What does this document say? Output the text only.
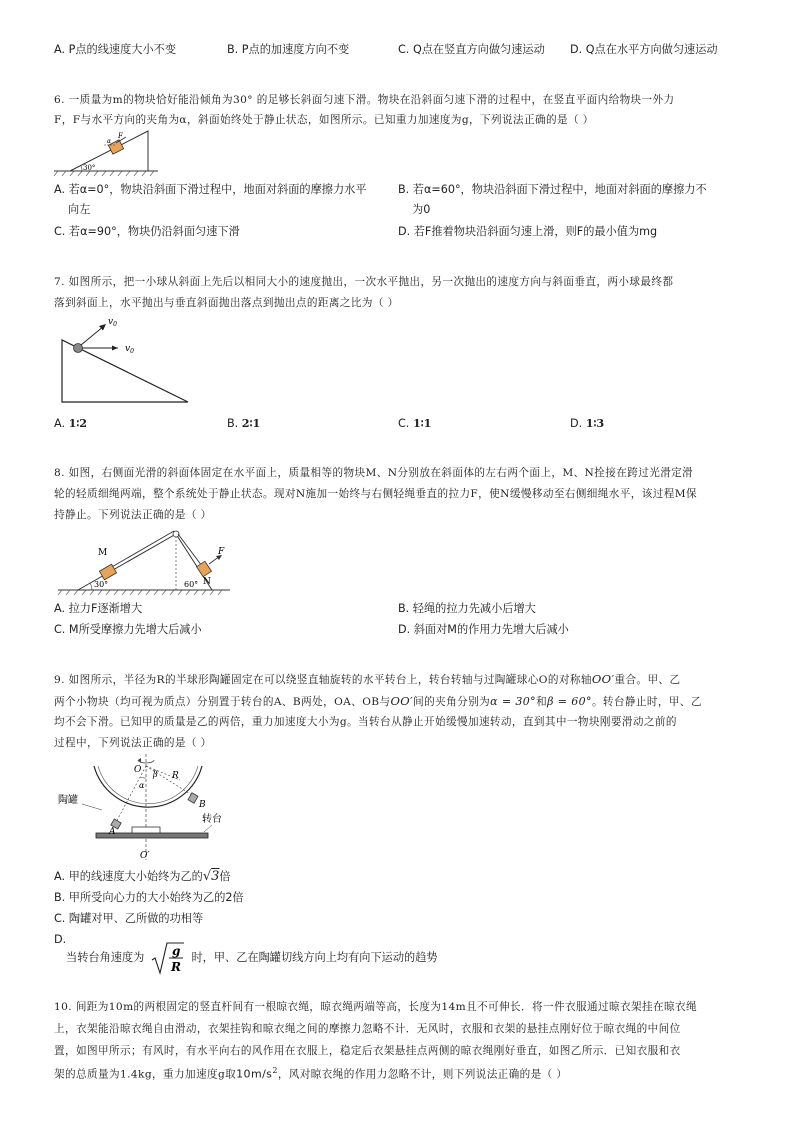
A. P点的线速度大小不变	B. P点的加速度方向不变	C. Q点在竖直方向做匀速运动 D. Q点在水平方向做匀速运动
6. 一质量为m的物块恰好能沿倾角为30° 的足够长斜面匀速下滑。物块在沿斜面匀速下滑的过程中，在竖直平面内给物块一外力
F，F与水平方向的夹角为α，斜面始终处于静止状态，如图所示。已知重力加速度为g，下列说法正确的是（ ）
α
F
30°
A. 若α=0°，物块沿斜面下滑过程中，地面对斜面的摩擦力水平
向左
B. 若α=60°，物块沿斜面下滑过程中，地面对斜面的摩擦力不
为0
C. 若α=90°，物块仍沿斜面匀速下滑	D. 若F推着物块沿斜面匀速上滑，则F的最小值为mg
7. 如图所示，把一小球从斜面上先后以相同大小的速度抛出，一次水平抛出，另一次抛出的速度方向与斜面垂直，两小球最终都
落到斜面上，水平抛出与垂直斜面抛出落点到抛出点的距离之比为（ ）
$v_0$
$v_0$
A. 1∶2	B. 2∶1	C. 1∶1	D. 1∶3
8. 如图，右侧面光滑的斜面体固定在水平面上，质量相等的物块M、N分别放在斜面体的左右两个面上，M、N拴接在跨过光滑定滑
轮的轻质细绳两端，整个系统处于静止状态。现对N施加一始终与右侧轻绳垂直的拉力F，使N缓慢移动至右侧细绳水平，该过程M保
持静止。下列说法正确的是（ ）
M
N
F
30°	60°
A. 拉力F逐渐增大	B. 轻绳的拉力先减小后增大
C. M所受摩擦力先增大后减小	D. 斜面对M的作用力先增大后减小
9. 如图所示，半径为R的半球形陶罐固定在可以绕竖直轴旋转的水平转台上，转台转轴与过陶罐球心O的对称轴OO′重合。甲、乙
两个小物块（均可视为质点）分别置于转台的A、B两处，OA、OB与OO′间的夹角分别为α = 30°和β = 60°。转台静止时，甲、乙
均不会下滑。已知甲的质量是乙的两倍，重力加速度大小为g。当转台从静止开始缓慢加速转动，直到其中一物块刚要滑动之前的
过程中，下列说法正确的是（ ）
O
O′
R
A
B
α
β
陶罐
转台
A. 甲的线速度大小始终为乙的√3倍
B. 甲所受向心力的大小始终为乙的2倍
C. 陶罐对甲、乙所做的功相等
D.
当转台角速度为 g
R
时，甲、乙在陶罐切线方向上均有向下运动的趋势
10. 间距为10m的两根固定的竖直杆间有一根晾衣绳，晾衣绳两端等高，长度为14m且不可伸长．将一件衣服通过晾衣架挂在晾衣绳
上，衣架能沿晾衣绳自由滑动，衣架挂钩和晾衣绳之间的摩擦力忽略不计．无风时，衣服和衣架的悬挂点刚好位于晾衣绳的中间位
置，如图甲所示；有风时，有水平向右的风作用在衣服上，稳定后衣架悬挂点两侧的晾衣绳刚好垂直，如图乙所示．已知衣服和衣
架的总质量为1.4kg，重力加速度g取$10m/s^2$，风对晾衣绳的作用力忽略不计，则下列说法正确的是（ ）
